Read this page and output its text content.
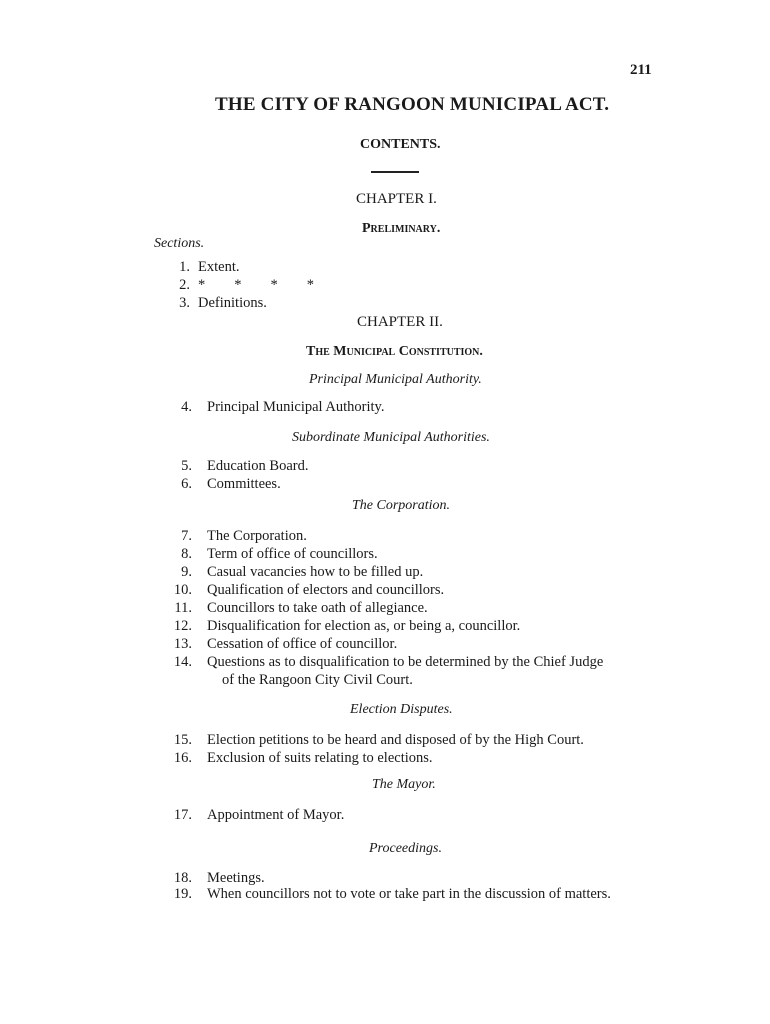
211
THE CITY OF RANGOON MUNICIPAL ACT.
CONTENTS.
CHAPTER I.
Preliminary.
Sections.
1. Extent.
2. *        *        *        *
3. Definitions.
CHAPTER II.
The Municipal Constitution.
Principal Municipal Authority.
4. Principal Municipal Authority.
Subordinate Municipal Authorities.
5. Education Board.
6. Committees.
The Corporation.
7. The Corporation.
8. Term of office of councillors.
9. Casual vacancies how to be filled up.
10. Qualification of electors and councillors.
11. Councillors to take oath of allegiance.
12. Disqualification for election as, or being a, councillor.
13. Cessation of office of councillor.
14. Questions as to disqualification to be determined by the Chief Judge
of the Rangoon City Civil Court.
Election Disputes.
15. Election petitions to be heard and disposed of by the High Court.
16. Exclusion of suits relating to elections.
The Mayor.
17. Appointment of Mayor.
Proceedings.
18. Meetings.
19. When councillors not to vote or take part in the discussion of matters.
